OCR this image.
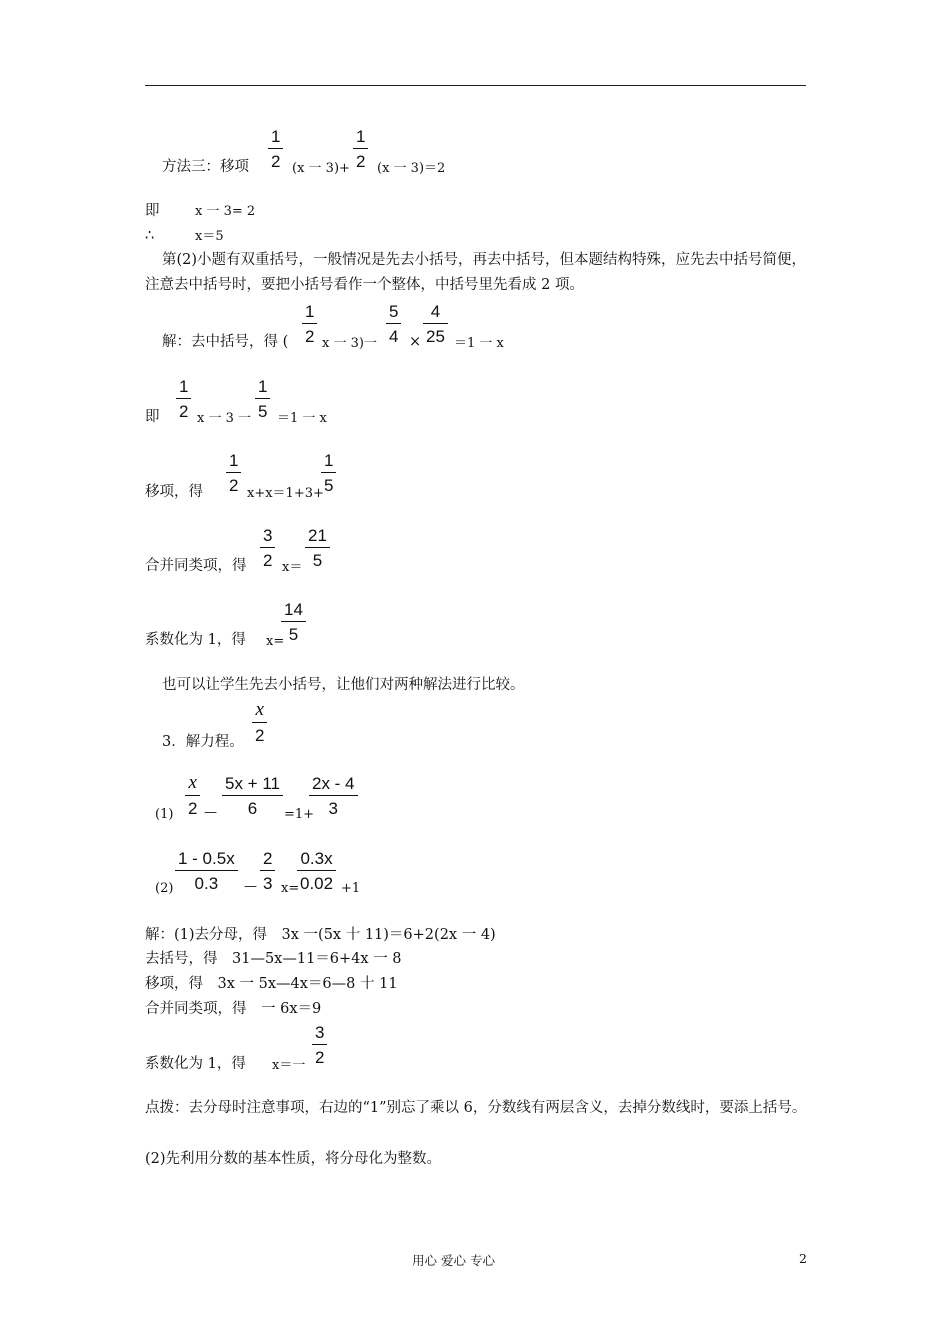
方法三：移项
1
2 (x 一 3)+
1
2 (x 一 3)＝2
即	x 一 3= 2
∴	x＝5
第(2)小题有双重括号，一般情况是先去小括号，再去中括号，但本题结构特殊，应先去中括号简便，注意去中括号时，要把小括号看作一个整体，中括号里先看成 2 项。
解：去中括号，得 (
1
2 x 一 3)一
5
4 ×
4
25 ＝1 一 x
即
1
2 x 一 3 一
1
5 ＝1 一 x
移项，得
1
2 x+x＝1+3+
1
5
合并同类项，得
3
2 x＝
21
5
系数化为 1，得 x=
14
5
也可以让学生先去小括号，让他们对两种解法进行比较。
3．解力程。
x
2
(1)
x
2 —
5x + 11
6 =1+
2x - 4
3
(2)
1 - 0.5x
0.3 —
2
3 x=
0.3x
0.02 +1
解：(1)去分母，得　3x 一(5x 十 11)＝6+2(2x 一 4)
去括号，得　31—5x—11＝6+4x 一 8
移项，得　3x 一 5x—4x＝6—8 十 11
合并同类项，得　一 6x＝9
系数化为 1，得 x＝一
3
2
点拨：去分母时注意事项，右边的“1”别忘了乘以 6，分数线有两层含义，去掉分数线时，要添上括号。
(2)先利用分数的基本性质，将分母化为整数。
用心 爱心 专心	2
